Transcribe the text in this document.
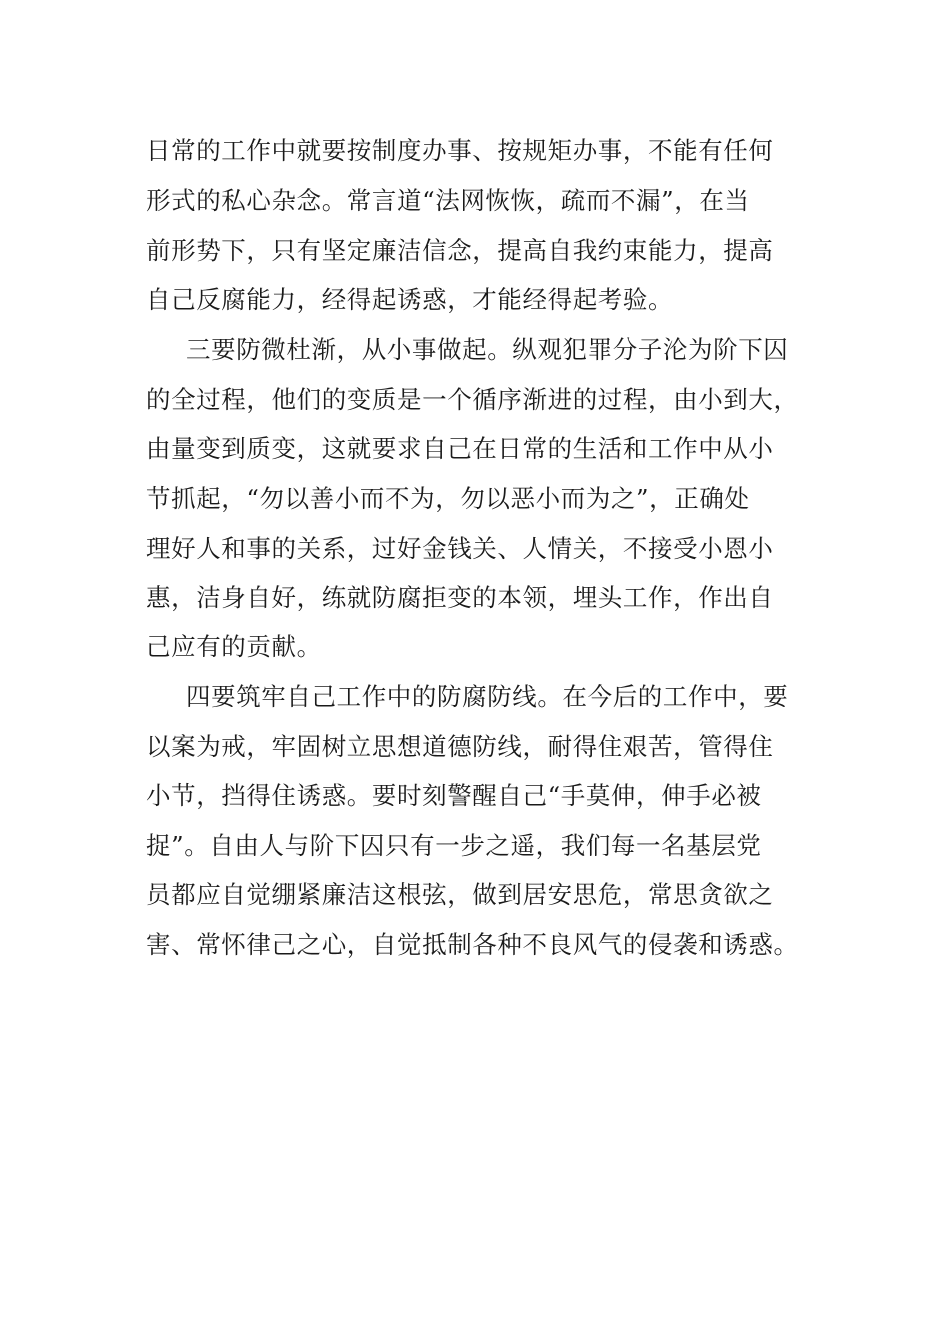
日常的工作中就要按制度办事、按规矩办事，不能有任何

形式的私心杂念。常言道“法网恢恢，疏而不漏”，在当

前形势下，只有坚定廉洁信念，提高自我约束能力，提高

自己反腐能力，经得起诱惑，才能经得起考验。

三要防微杜渐，从小事做起。纵观犯罪分子沦为阶下囚

的全过程，他们的变质是一个循序渐进的过程，由小到大，

由量变到质变，这就要求自己在日常的生活和工作中从小

节抓起，“勿以善小而不为，勿以恶小而为之”，正确处

理好人和事的关系，过好金钱关、人情关，不接受小恩小

惠，洁身自好，练就防腐拒变的本领，埋头工作，作出自

己应有的贡献。

四要筑牢自己工作中的防腐防线。在今后的工作中，要

以案为戒，牢固树立思想道德防线，耐得住艰苦，管得住

小节，挡得住诱惑。要时刻警醒自己“手莫伸，伸手必被

捉”。自由人与阶下囚只有一步之遥，我们每一名基层党

员都应自觉绷紧廉洁这根弦，做到居安思危，常思贪欲之

害、常怀律己之心，自觉抵制各种不良风气的侵袭和诱惑。
